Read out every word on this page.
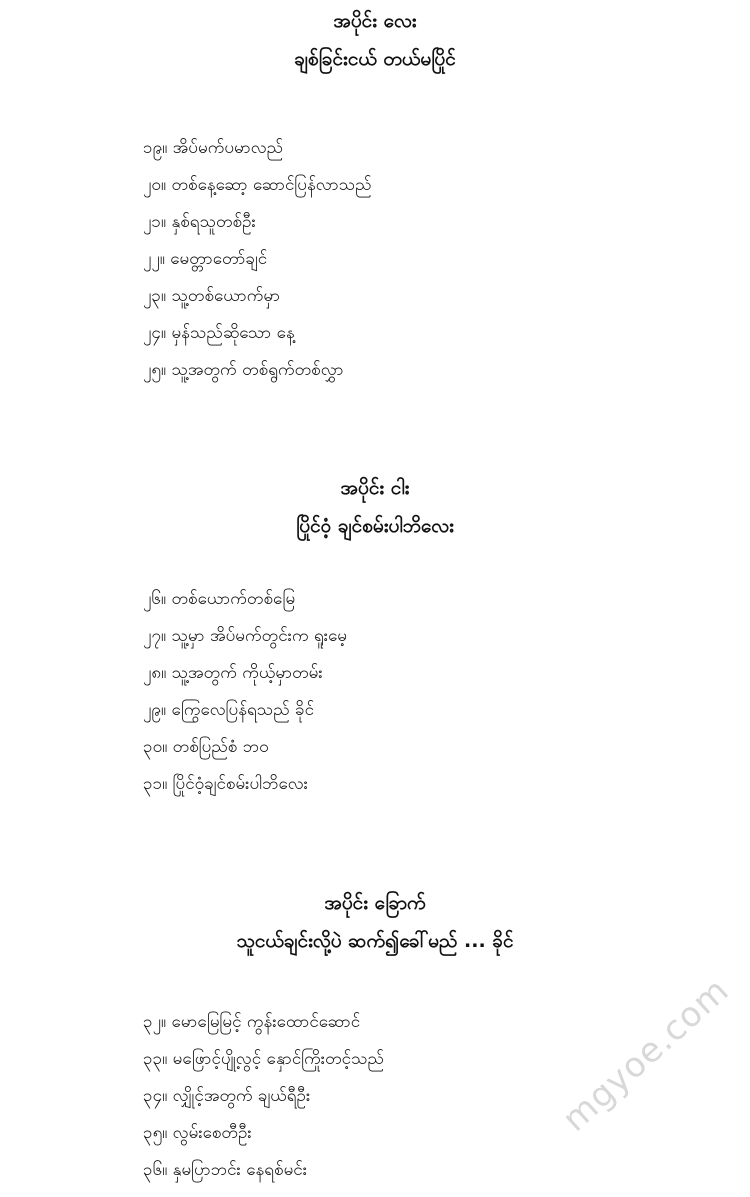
အပိုင်း လေး
ချစ်ခြင်းငယ် တယ်မပြိုင်
၁၉။ အိပ်မက်ပမာလည်
၂၀။ တစ်နေ့ဆော့ ဆောင်ပြန်လာသည်
၂၁။ နှစ်ရသူတစ်ဦး
၂၂။ မေတ္တာတော်ချင်
၂၃။ သူ့တစ်ယောက်မှာ
၂၄။ မှန်သည်ဆိုသော နေ့
၂၅။ သူ့အတွက် တစ်ရွက်တစ်လွှာ
အပိုင်း ငါး
ပြိုင်ဝံ့ ချင်စမ်းပါဘိလေး
၂၆။ တစ်ယောက်တစ်မြေ
၂၇။ သူ့မှာ အိပ်မက်တွင်းက ရူးမေ့
၂၈။ သူ့အတွက် ကိုယ့်မှာတမ်း
၂၉။ ကြွေလေပြန်ရသည် ခိုင်
၃၀။ တစ်ပြည်စံ ဘဝ
၃၁။ ပြိုင်ဝံ့ချင်စမ်းပါဘိလေး
အပိုင်း ခြောက်
သူငယ်ချင်းလို့ပဲ ဆက်၍ခေါ်မည် ... ခိုင်
၃၂။ မောမြေမြင့် ကွန်းထောင်ဆောင်
၃၃။ မဖြောင့်ပျို့လွင့် နှောင်ကြိုးတင့်သည်
၃၄။ လျှိုင့်အတွက် ချယ်ရီဦး
၃၅။ လွမ်းစေတီဦး
၃၆။ နှမပြာဘင်း နေရစ်မင်း
mgyoe.com
